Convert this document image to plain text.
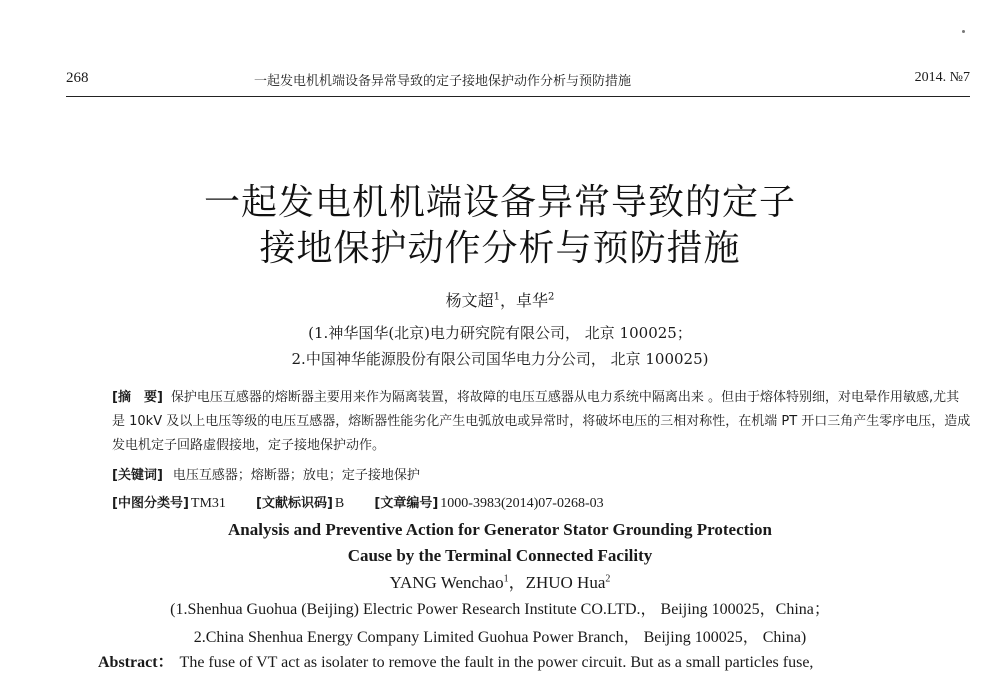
268	一起发电机机端设备异常导致的定子接地保护动作分析与预防措施	2014. №7
一起发电机机端设备异常导致的定子
接地保护动作分析与预防措施
杨文超$^1$，卓华$^2$
(1.神华国华(北京)电力研究院有限公司， 北京 100025；
2.中国神华能源股份有限公司国华电力分公司， 北京 100025)
[摘　要] 保护电压互感器的熔断器主要用来作为隔离装置，将故障的电压互感器从电力系统中隔离出来 。但由于熔体特别细，对电晕作用敏感,尤其是 10kV 及以上电压等级的电压互感器，熔断器性能劣化产生电弧放电或异常时，将破坏电压的三相对称性，在机端 PT 开口三角产生零序电压，造成发电机定子回路虚假接地，定子接地保护动作。
[关键词] 电压互感器；熔断器；放电；定子接地保护
[中图分类号] TM31 [文献标识码] B [文章编号] 1000-3983(2014)07-0268-03
Analysis and Preventive Action for Generator Stator Grounding Protection
Cause by the Terminal Connected Facility
YANG Wenchao$^1$，ZHUO Hua$^2$
(1.Shenhua Guohua (Beijing) Electric Power Research Institute CO.LTD.， Beijing 100025，China；
2.China Shenhua Energy Company Limited Guohua Power Branch， Beijing 100025， China)
Abstract： The fuse of VT act as isolater to remove the fault in the power circuit. But as a small particles fuse,
